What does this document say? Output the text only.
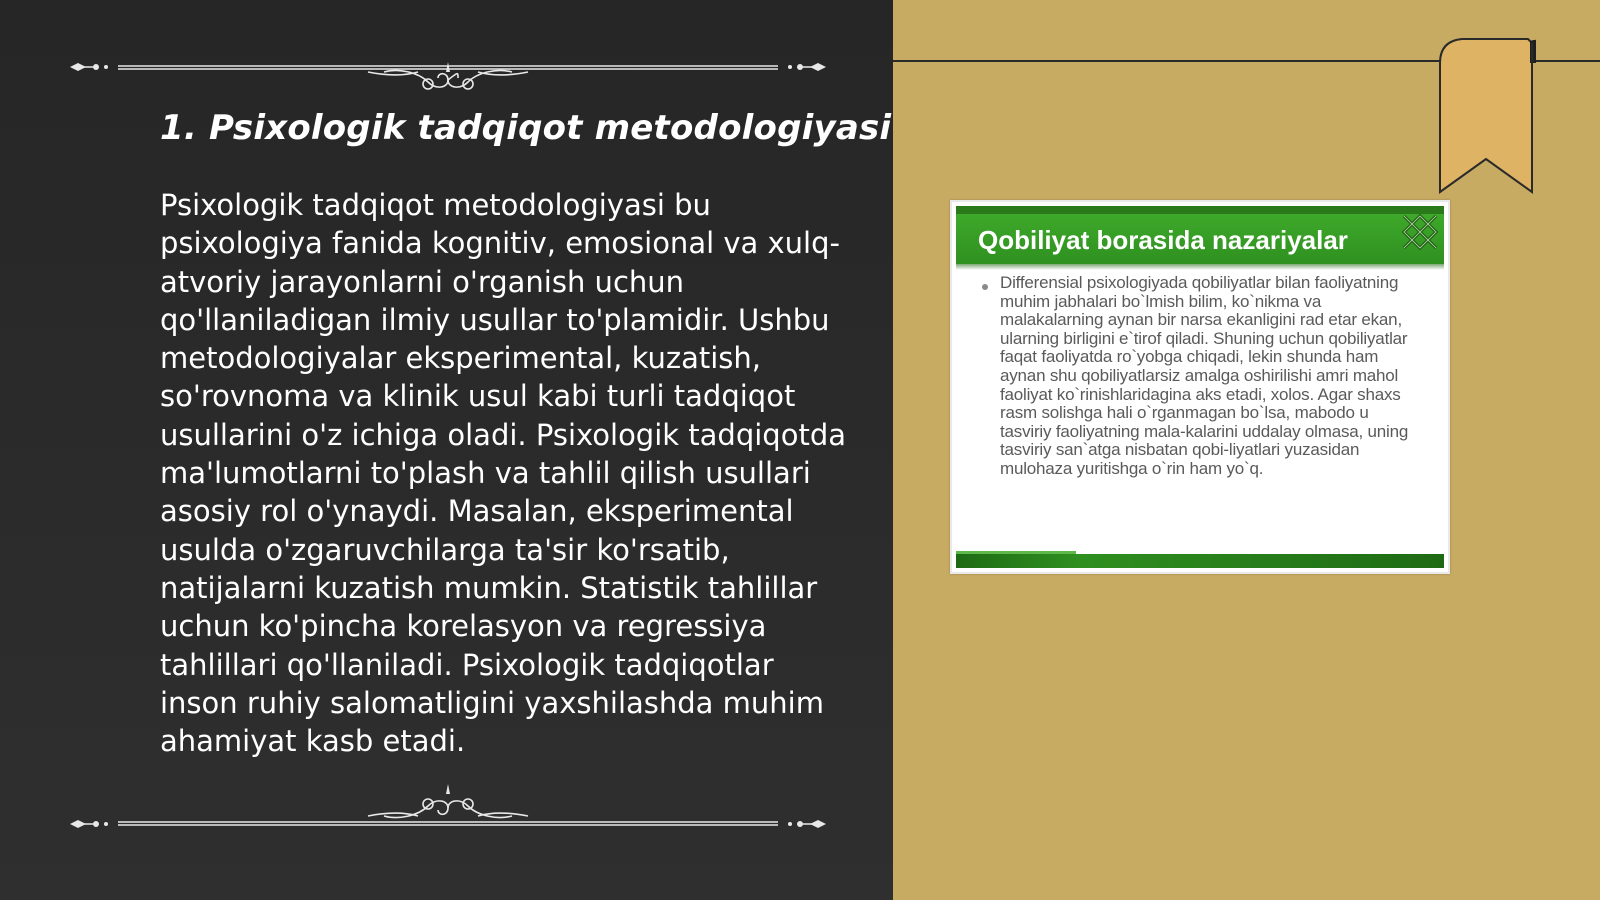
1. Psixologik tadqiqot metodologiyasi

Psixologik tadqiqot metodologiyasi bu psixologiya fanida kognitiv, emosional va xulq-atvoriy jarayonlarni o'rganish uchun qo'llaniladigan ilmiy usullar to'plamidir. Ushbu metodologiyalar eksperimental, kuzatish, so'rovnoma va klinik usul kabi turli tadqiqot usullarini o'z ichiga oladi. Psixologik tadqiqotda ma'lumotlarni to'plash va tahlil qilish usullari asosiy rol o'ynaydi. Masalan, eksperimental usulda o'zgaruvchilarga ta'sir ko'rsatib, natijalarni kuzatish mumkin. Statistik tahlillar uchun ko'pincha korelasyon va regressiya tahlillari qo'llaniladi. Psixologik tadqiqotlar inson ruhiy salomatligini yaxshilashda muhim ahamiyat kasb etadi.

Qobiliyat borasida nazariyalar

Differensial psixologiyada qobiliyatlar bilan faoliyatning muhim jabhalari bo`lmish bilim, ko`nikma va malakalarning aynan bir narsa ekanligini rad etar ekan, ularning birligini e`tirof qiladi. Shuning uchun qobiliyatlar faqat faoliyatda ro`yobga chiqadi, lekin shunda ham aynan shu qobiliyatlarsiz amalga oshirilishi amri mahol faoliyat ko`rinishlaridagina aks etadi, xolos. Agar shaxs rasm solishga hali o`rganmagan bo`lsa, mabodo u tasviriy faoliyatning mala-kalarini uddalay olmasa, uning tasviriy san`atga nisbatan qobi-liyatlari yuzasidan mulohaza yuritishga o`rin ham yo`q.
